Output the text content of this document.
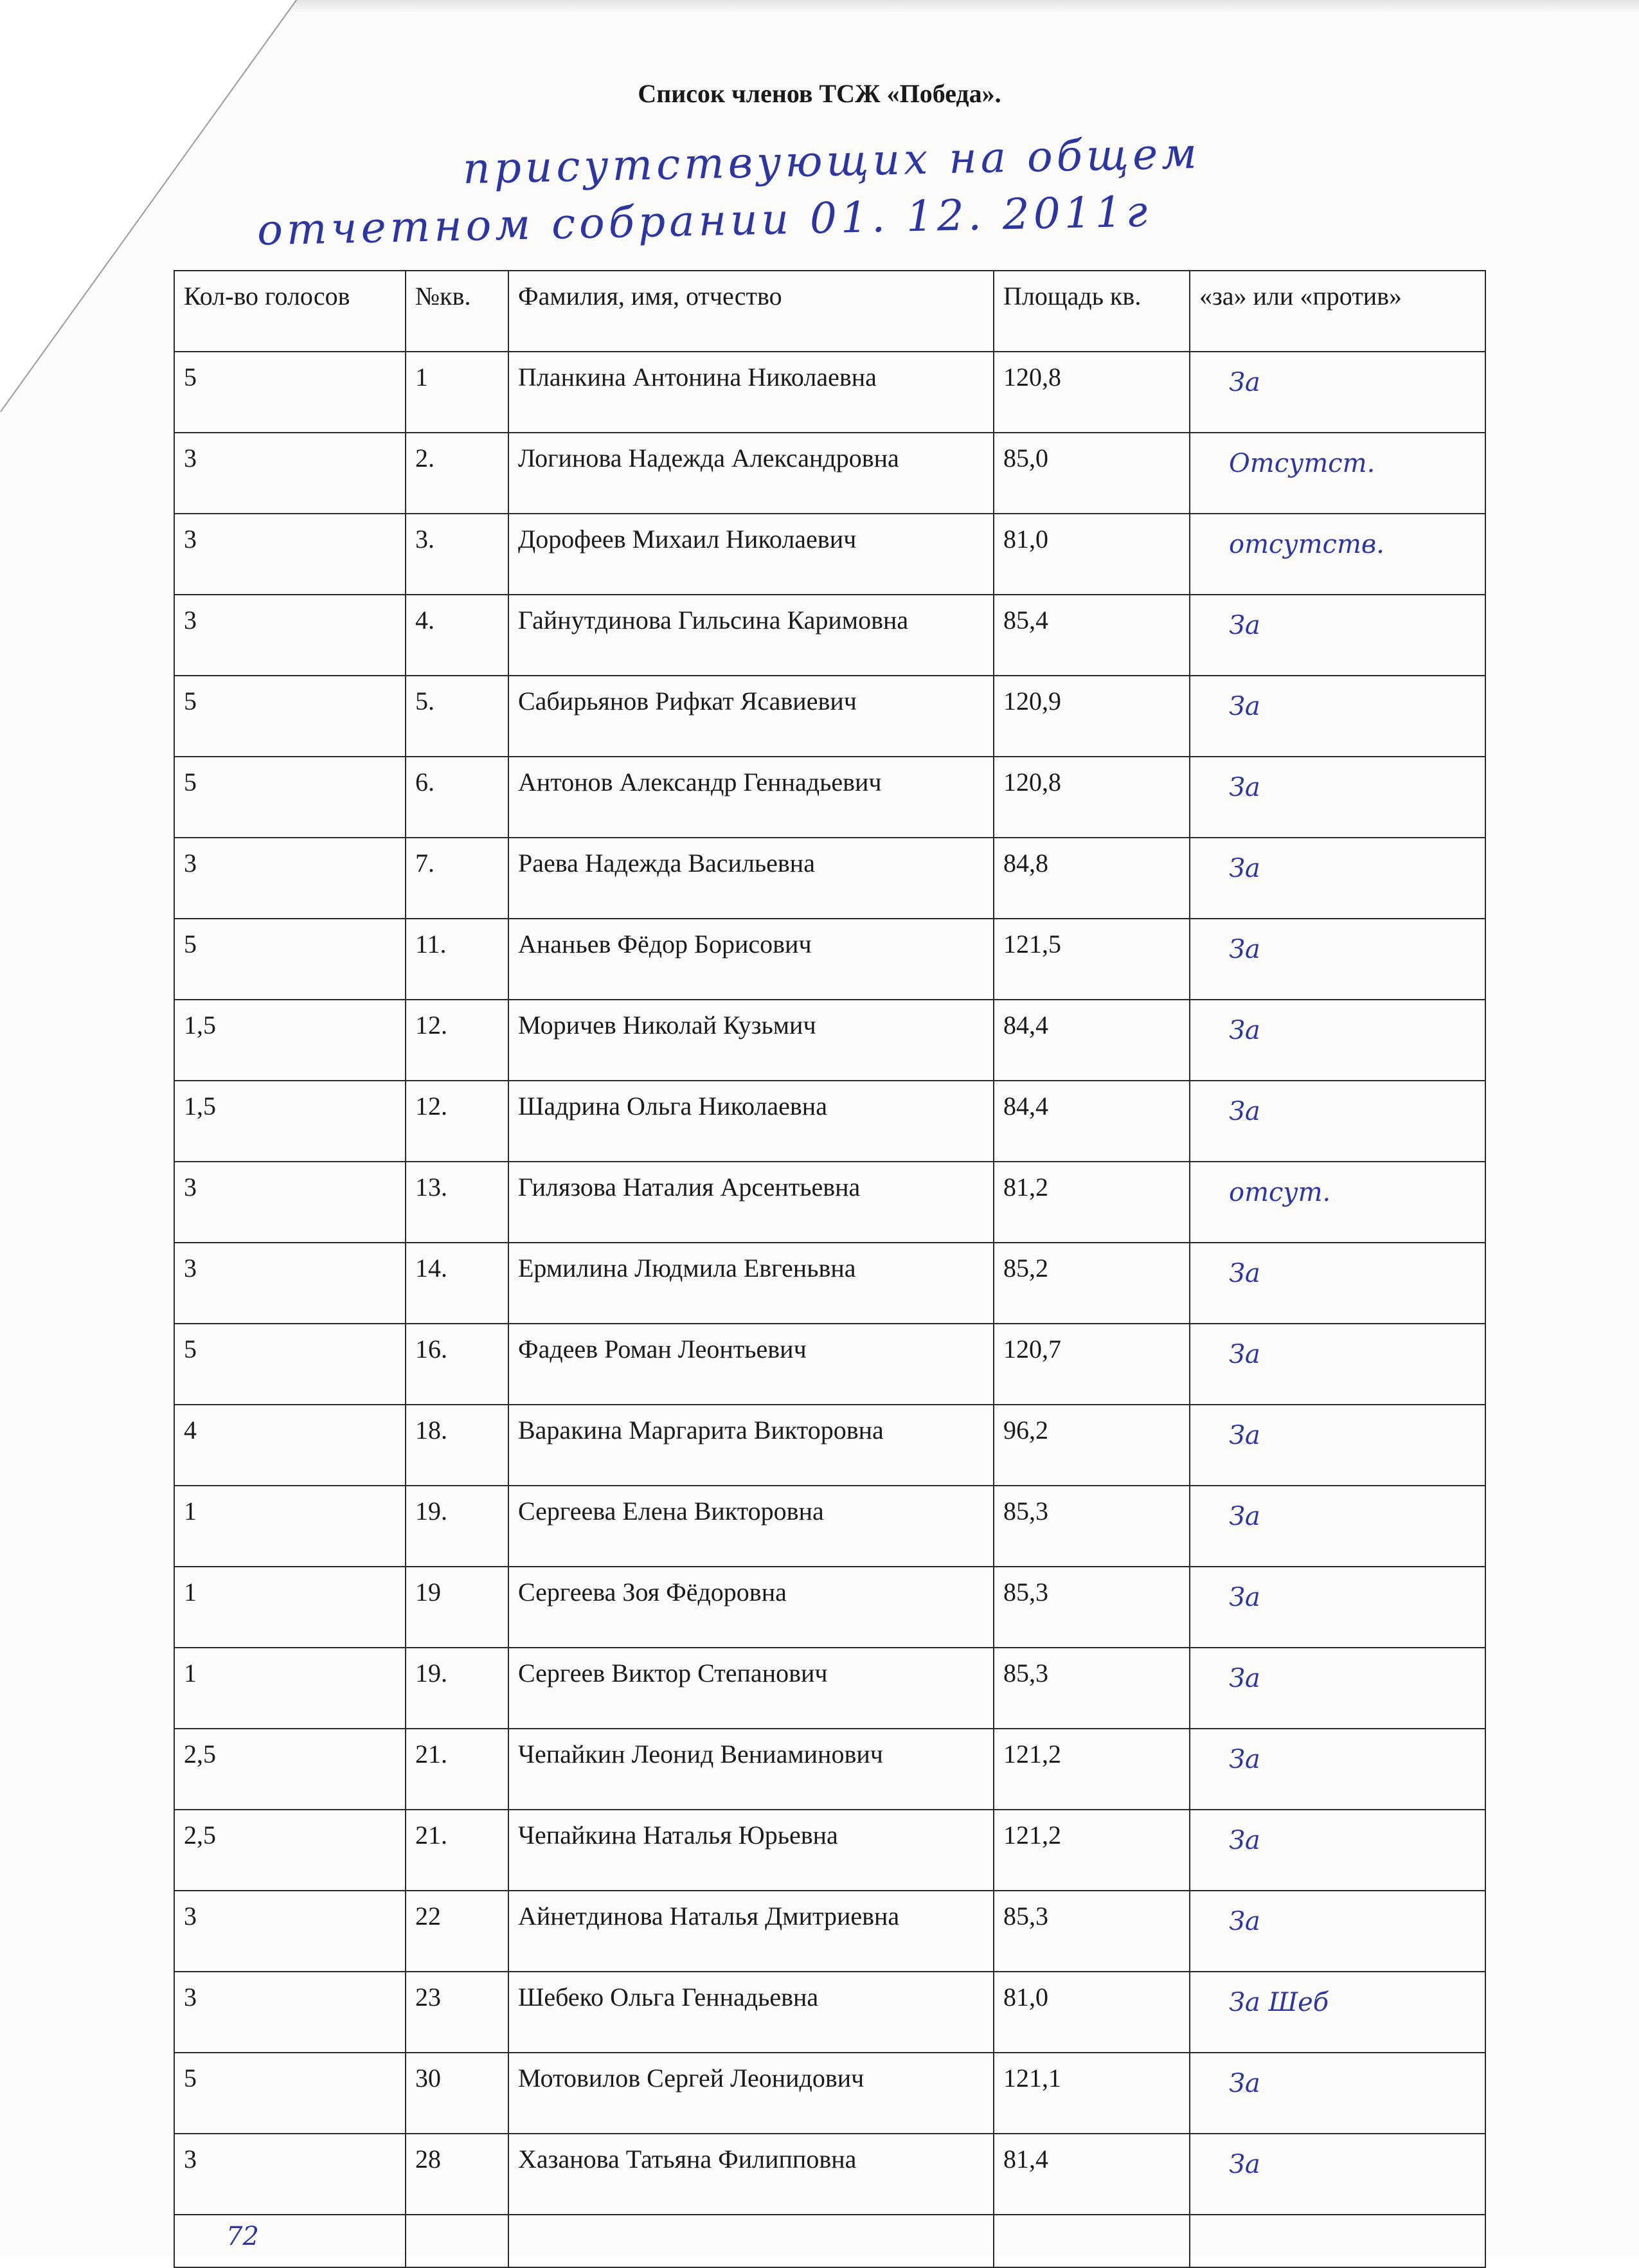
Список членов ТСЖ «Победа».
присутствующих на общем
отчетном собрании 01. 12. 2011г
Кол-во голосов	№кв.	Фамилия, имя, отчество	Площадь кв.	«за» или «против»
5	1	Планкина Антонина Николаевна	120,8	За
3	2.	Логинова Надежда Александровна	85,0	Отсутст.
3	3.	Дорофеев Михаил Николаевич	81,0	отсутств.
3	4.	Гайнутдинова Гильсина Каримовна	85,4	За
5	5.	Сабирьянов Рифкат Ясавиевич	120,9	За
5	6.	Антонов Александр Геннадьевич	120,8	За
3	7.	Раева Надежда Васильевна	84,8	За
5	11.	Ананьев Фёдор Борисович	121,5	За
1,5	12.	Моричев Николай Кузьмич	84,4	За
1,5	12.	Шадрина Ольга Николаевна	84,4	За
3	13.	Гилязова Наталия Арсентьевна	81,2	отсут.
3	14.	Ермилина Людмила Евгеньвна	85,2	За
5	16.	Фадеев Роман Леонтьевич	120,7	За
4	18.	Варакина Маргарита Викторовна	96,2	За
1	19.	Сергеева Елена Викторовна	85,3	За
1	19	Сергеева Зоя Фёдоровна	85,3	За
1	19.	Сергеев Виктор Степанович	85,3	За
2,5	21.	Чепайкин Леонид Вениаминович	121,2	За
2,5	21.	Чепайкина Наталья Юрьевна	121,2	За
3	22	Айнетдинова Наталья Дмитриевна	85,3	За
3	23	Шебеко Ольга Геннадьевна	81,0	За Шеб
5	30	Мотовилов Сергей Леонидович	121,1	За
3	28	Хазанова Татьяна Филипповна	81,4	За
72				
